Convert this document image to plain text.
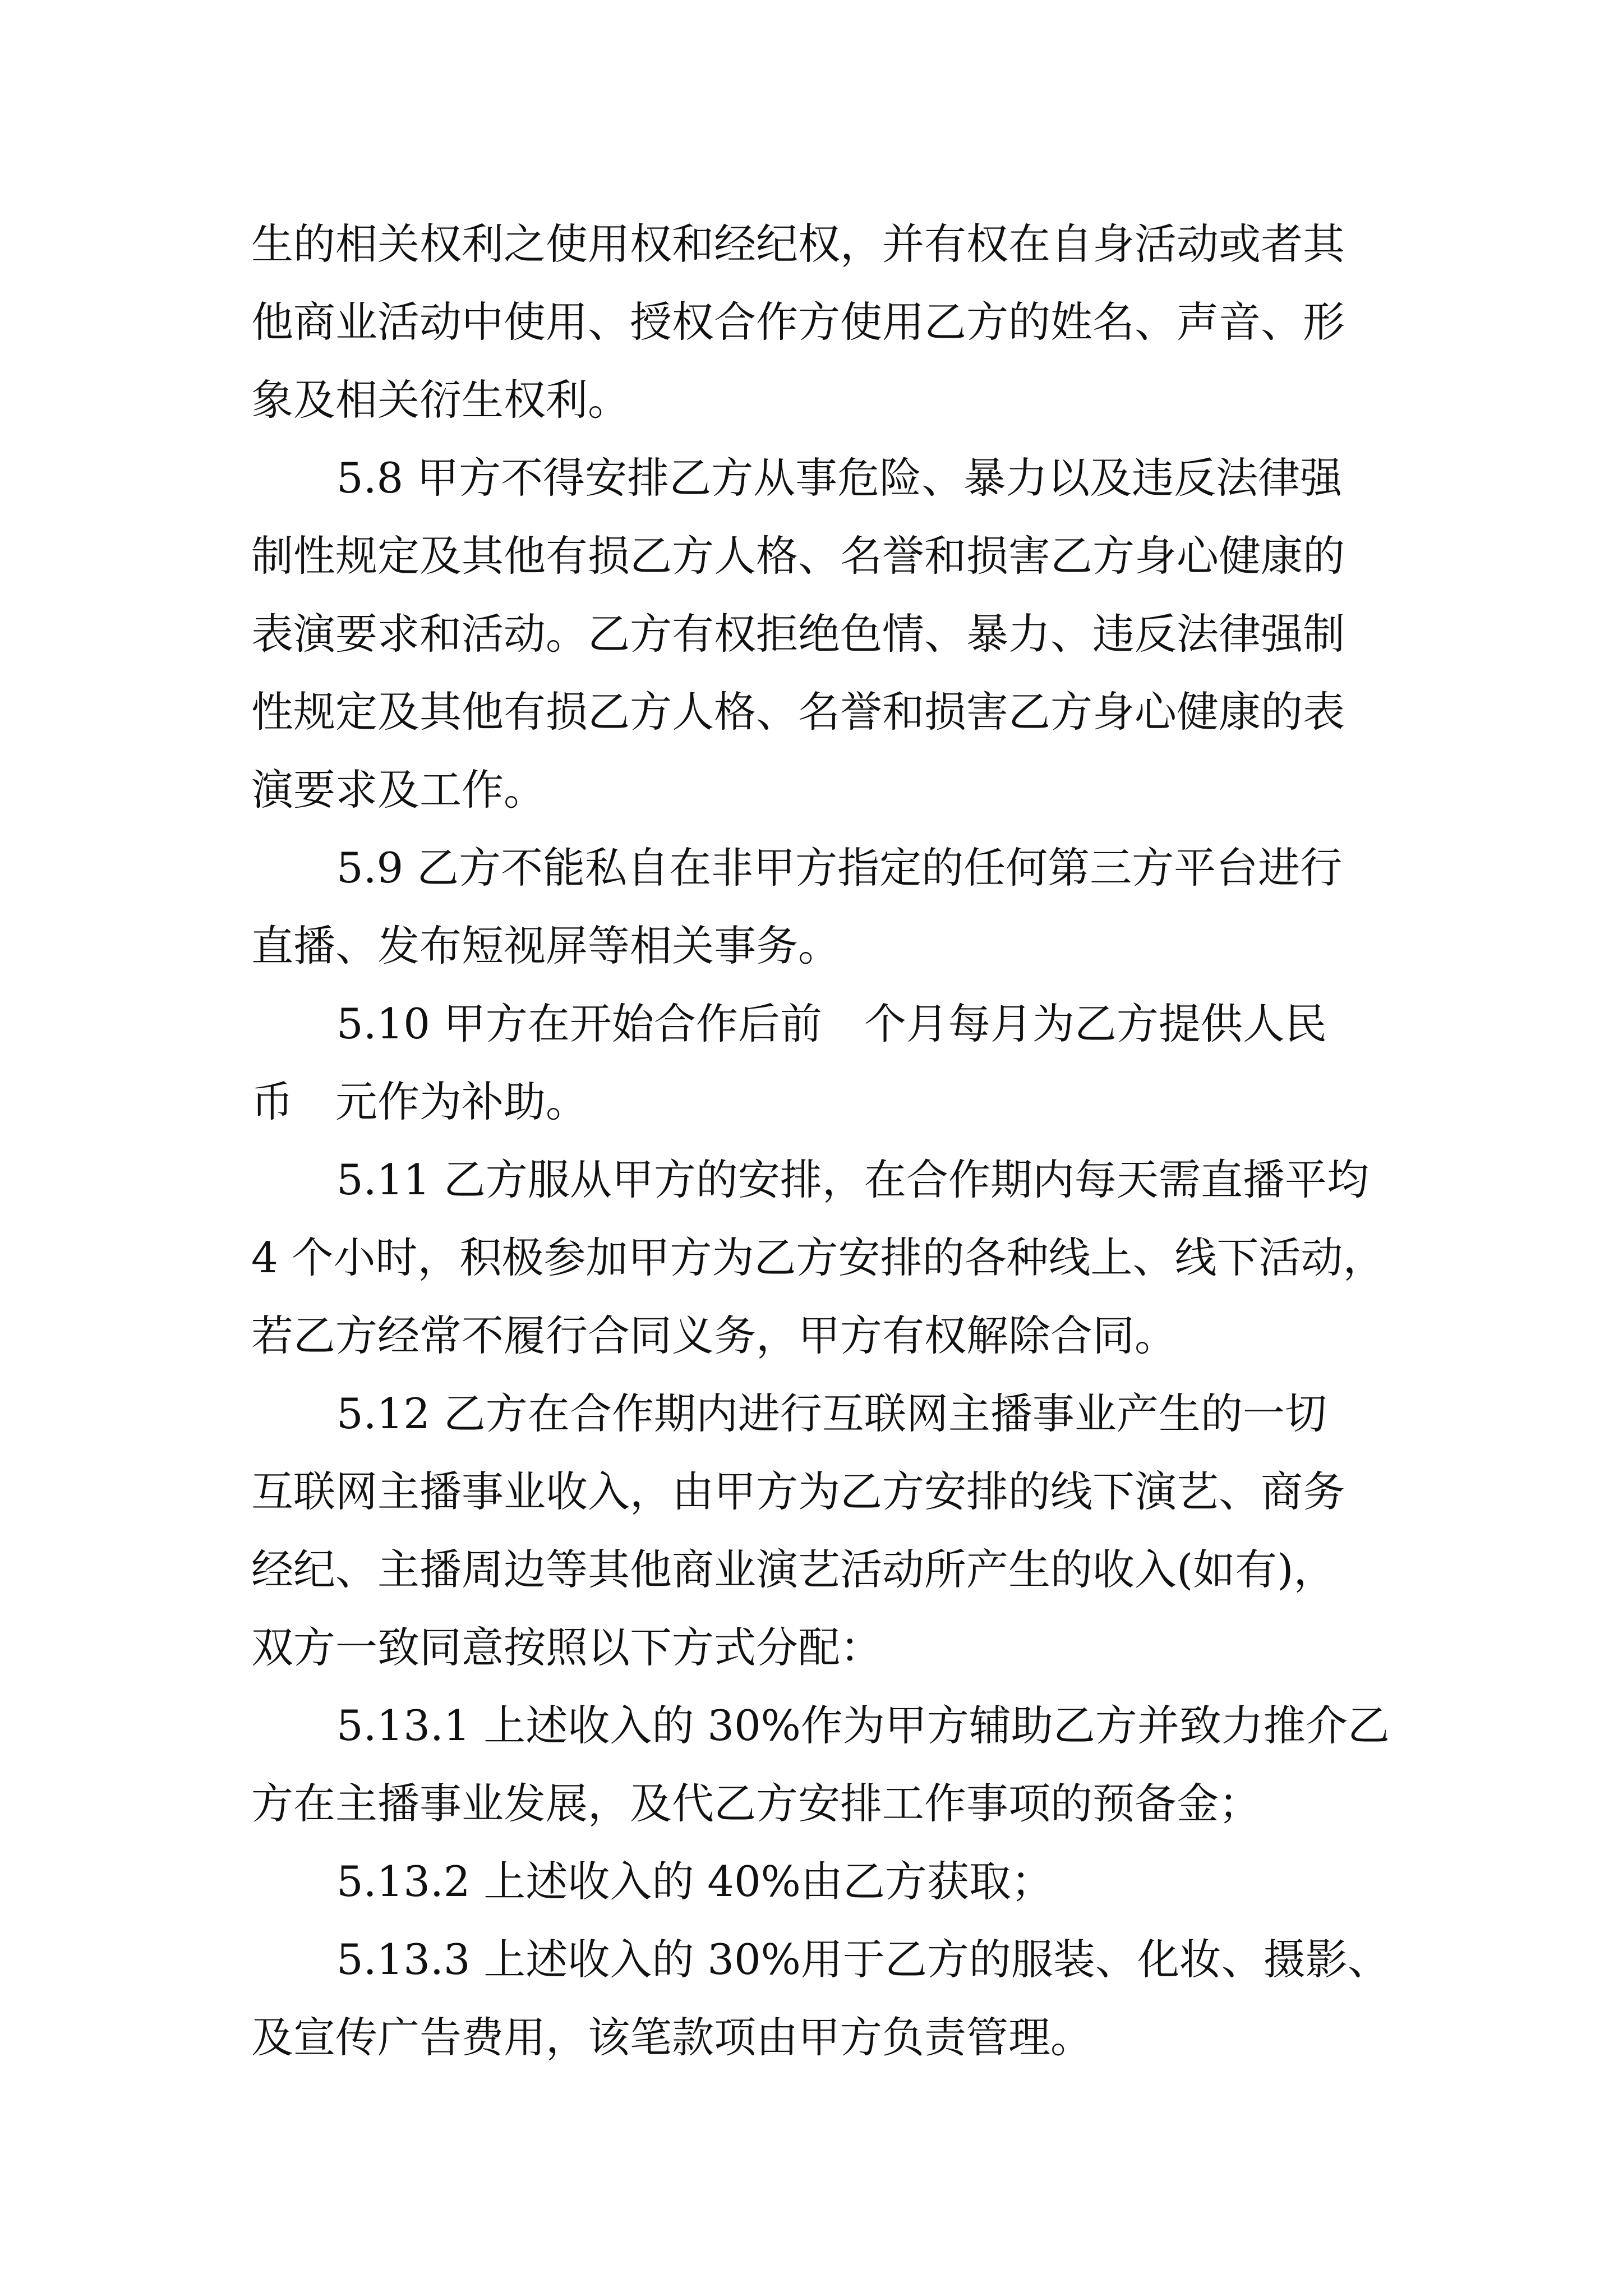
生的相关权利之使用权和经纪权，并有权在自身活动或者其

他商业活动中使用、授权合作方使用乙方的姓名、声音、形

象及相关衍生权利。

5.8 甲方不得安排乙方从事危险、暴力以及违反法律强

制性规定及其他有损乙方人格、名誉和损害乙方身心健康的

表演要求和活动。乙方有权拒绝色情、暴力、违反法律强制

性规定及其他有损乙方人格、名誉和损害乙方身心健康的表

演要求及工作。

5.9 乙方不能私自在非甲方指定的任何第三方平台进行

直播、发布短视屏等相关事务。

5.10 甲方在开始合作后前　个月每月为乙方提供人民

币　元作为补助。

5.11 乙方服从甲方的安排，在合作期内每天需直播平均

4 个小时，积极参加甲方为乙方安排的各种线上、线下活动，

若乙方经常不履行合同义务，甲方有权解除合同。

5.12 乙方在合作期内进行互联网主播事业产生的一切

互联网主播事业收入，由甲方为乙方安排的线下演艺、商务

经纪、主播周边等其他商业演艺活动所产生的收入(如有)，

双方一致同意按照以下方式分配：

5.13.1 上述收入的 30%作为甲方辅助乙方并致力推介乙

方在主播事业发展，及代乙方安排工作事项的预备金；

5.13.2 上述收入的 40%由乙方获取；

5.13.3 上述收入的 30%用于乙方的服装、化妆、摄影、

及宣传广告费用，该笔款项由甲方负责管理。
